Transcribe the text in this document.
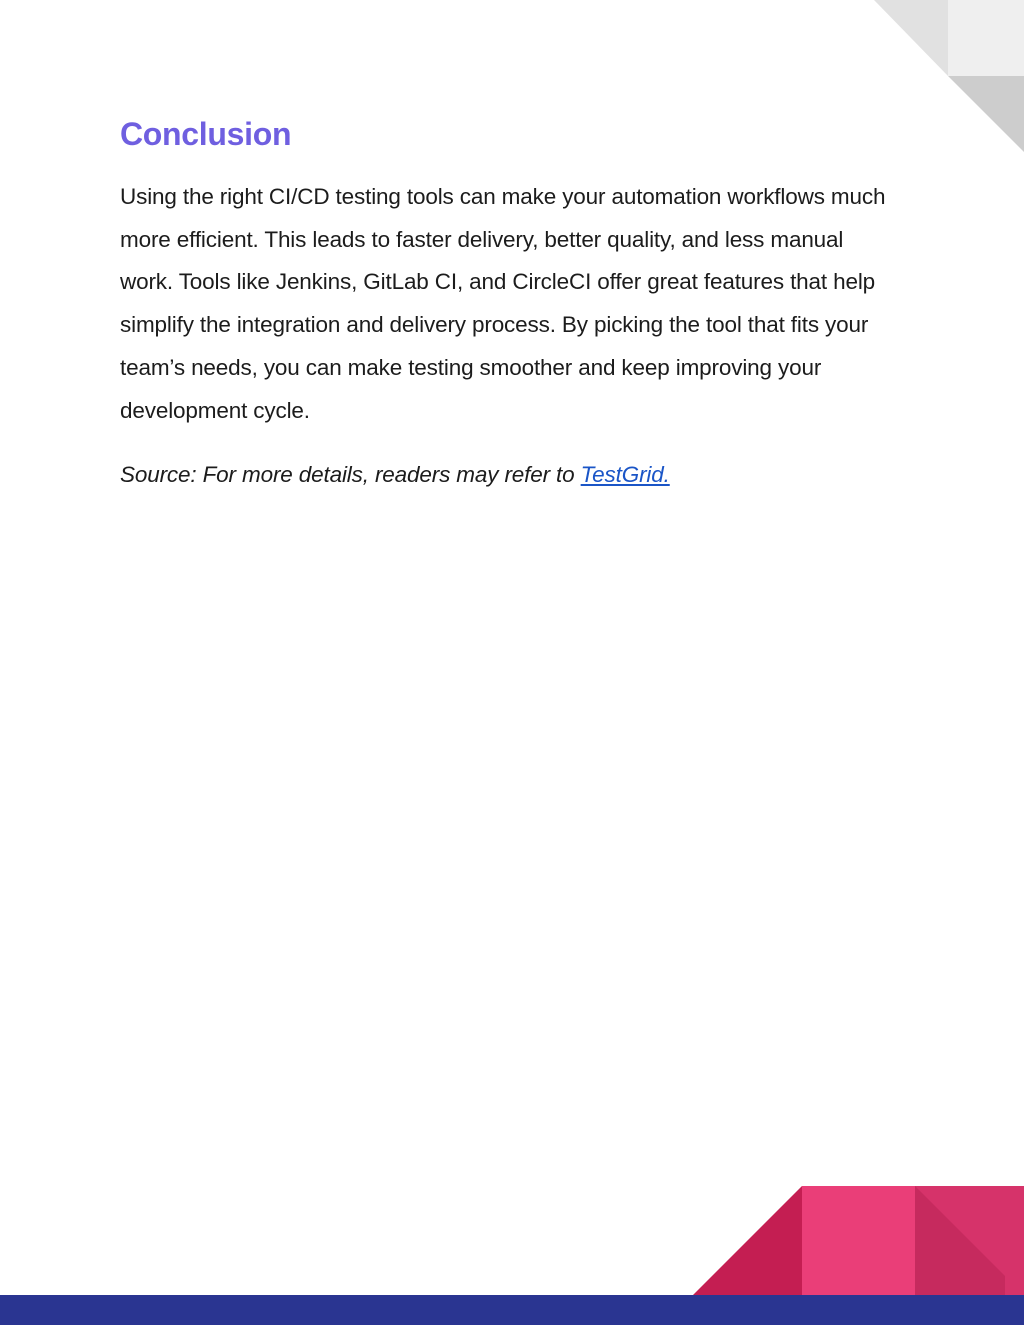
Conclusion

Using the right CI/CD testing tools can make your automation workflows much more efficient. This leads to faster delivery, better quality, and less manual work. Tools like Jenkins, GitLab CI, and CircleCI offer great features that help simplify the integration and delivery process. By picking the tool that fits your team’s needs, you can make testing smoother and keep improving your development cycle.

Source: For more details, readers may refer to TestGrid.
